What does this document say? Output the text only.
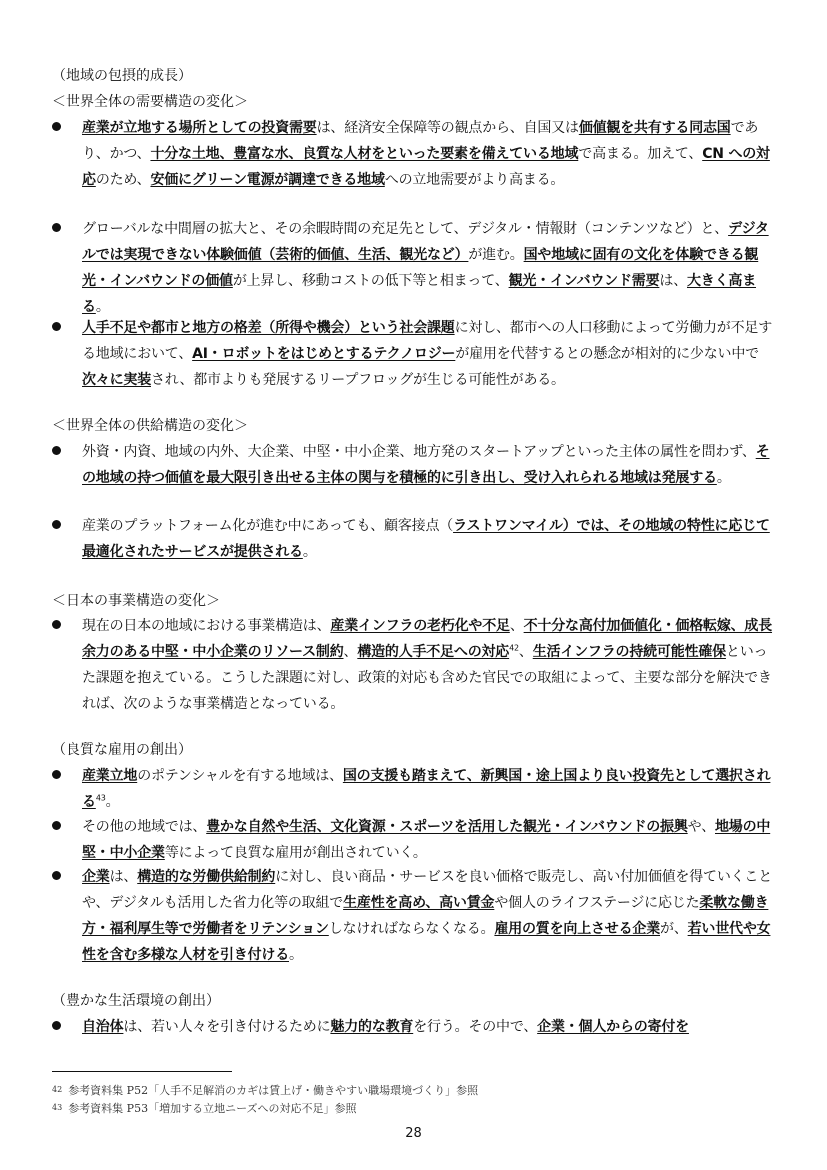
（地域の包摂的成長）
＜世界全体の需要構造の変化＞
産業が立地する場所としての投資需要は、経済安全保障等の観点から、自国又は価値観を共有する同志国であり、かつ、十分な土地、豊富な水、良質な人材をといった要素を備えている地域で高まる。加えて、CN への対応のため、安価にグリーン電源が調達できる地域への立地需要がより高まる。
グローバルな中間層の拡大と、その余暇時間の充足先として、デジタル・情報財（コンテンツなど）と、デジタルでは実現できない体験価値（芸術的価値、生活、観光など）が進む。国や地域に固有の文化を体験できる観光・インバウンドの価値が上昇し、移動コストの低下等と相まって、観光・インバウンド需要は、大きく高まる。
人手不足や都市と地方の格差（所得や機会）という社会課題に対し、都市への人口移動によって労働力が不足する地域において、AI・ロボットをはじめとするテクノロジーが雇用を代替するとの懸念が相対的に少ない中で次々に実装され、都市よりも発展するリープフロッグが生じる可能性がある。
＜世界全体の供給構造の変化＞
外資・内資、地域の内外、大企業、中堅・中小企業、地方発のスタートアップといった主体の属性を問わず、その地域の持つ価値を最大限引き出せる主体の関与を積極的に引き出し、受け入れられる地域は発展する。
産業のプラットフォーム化が進む中にあっても、顧客接点（ラストワンマイル）では、その地域の特性に応じて最適化されたサービスが提供される。
＜日本の事業構造の変化＞
現在の日本の地域における事業構造は、産業インフラの老朽化や不足、不十分な高付加価値化・価格転嫁、成長余力のある中堅・中小企業のリソース制約、構造的人手不足への対応$^{42}$、生活インフラの持続可能性確保といった課題を抱えている。こうした課題に対し、政策的対応も含めた官民での取組によって、主要な部分を解決できれば、次のような事業構造となっている。
（良質な雇用の創出）
産業立地のポテンシャルを有する地域は、国の支援も踏まえて、新興国・途上国より良い投資先として選択される$^{43}$。
その他の地域では、豊かな自然や生活、文化資源・スポーツを活用した観光・インバウンドの振興や、地場の中堅・中小企業等によって良質な雇用が創出されていく。
企業は、構造的な労働供給制約に対し、良い商品・サービスを良い価格で販売し、高い付加価値を得ていくことや、デジタルも活用した省力化等の取組で生産性を高め、高い賃金や個人のライフステージに応じた柔軟な働き方・福利厚生等で労働者をリテンションしなければならなくなる。雇用の質を向上させる企業が、若い世代や女性を含む多様な人材を引き付ける。
（豊かな生活環境の創出）
自治体は、若い人々を引き付けるために魅力的な教育を行う。その中で、企業・個人からの寄付を
42 参考資料集 P52「人手不足解消のカギは賃上げ・働きやすい職場環境づくり」参照
43 参考資料集 P53「増加する立地ニーズへの対応不足」参照
28
